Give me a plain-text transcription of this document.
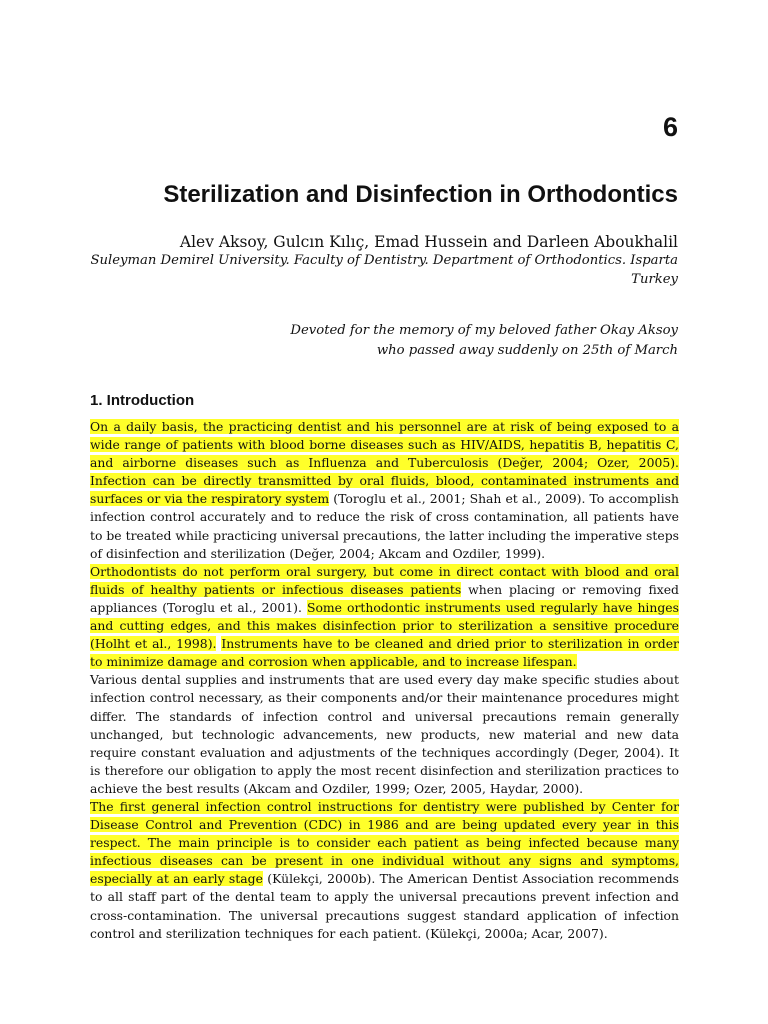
6
Sterilization and Disinfection in Orthodontics
Alev Aksoy, Gulcın Kılıç, Emad Hussein and Darleen Aboukhalil
Suleyman Demirel University. Faculty of Dentistry. Department of Orthodontics. Isparta
Turkey
Devoted for the memory of my beloved father Okay Aksoy
who passed away suddenly on 25th of March
1. Introduction

On a daily basis, the practicing dentist and his personnel are at risk of being exposed to a wide range of patients with blood borne diseases such as HIV/AIDS, hepatitis B, hepatitis C, and airborne diseases such as Influenza and Tuberculosis (Değer, 2004; Ozer, 2005). Infection can be directly transmitted by oral fluids, blood, contaminated instruments and surfaces or via the respiratory system (Toroglu et al., 2001; Shah et al., 2009). To accomplish infection control accurately and to reduce the risk of cross contamination, all patients have to be treated while practicing universal precautions, the latter including the imperative steps of disinfection and sterilization (Değer, 2004; Akcam and Ozdiler, 1999).

Orthodontists do not perform oral surgery, but come in direct contact with blood and oral fluids of healthy patients or infectious diseases patients when placing or removing fixed appliances (Toroglu et al., 2001). Some orthodontic instruments used regularly have hinges and cutting edges, and this makes disinfection prior to sterilization a sensitive procedure (Holht et al., 1998). Instruments have to be cleaned and dried prior to sterilization in order to minimize damage and corrosion when applicable, and to increase lifespan.

Various dental supplies and instruments that are used every day make specific studies about infection control necessary, as their components and/or their maintenance procedures might differ. The standards of infection control and universal precautions remain generally unchanged, but technologic advancements, new products, new material and new data require constant evaluation and adjustments of the techniques accordingly (Deger, 2004). It is therefore our obligation to apply the most recent disinfection and sterilization practices to achieve the best results (Akcam and Ozdiler, 1999; Ozer, 2005, Haydar, 2000).

The first general infection control instructions for dentistry were published by Center for Disease Control and Prevention (CDC) in 1986 and are being updated every year in this respect. The main principle is to consider each patient as being infected because many infectious diseases can be present in one individual without any signs and symptoms, especially at an early stage (Külekçi, 2000b). The American Dentist Association recommends to all staff part of the dental team to apply the universal precautions prevent infection and cross-contamination. The universal precautions suggest standard application of infection control and sterilization techniques for each patient. (Külekçi, 2000a; Acar, 2007).
